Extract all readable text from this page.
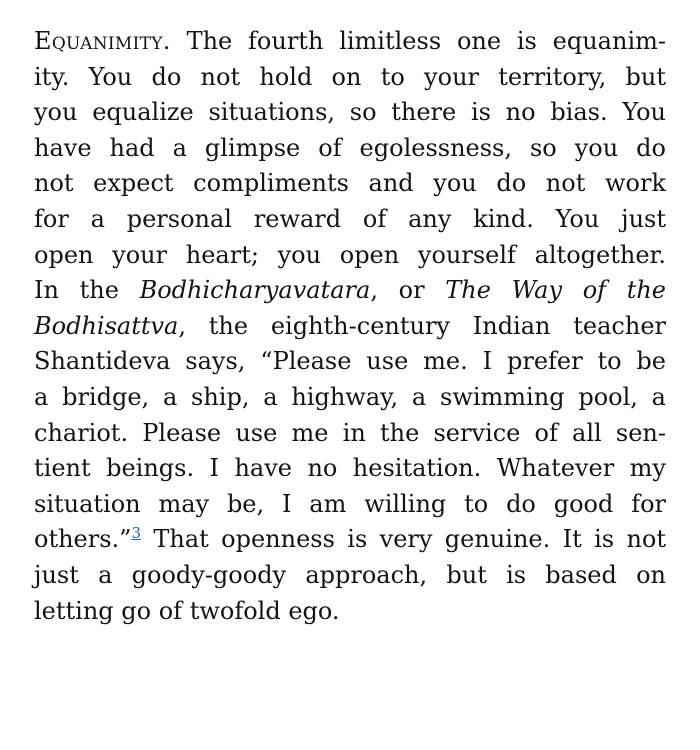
Equanimity. The fourth limitless one is equanim-
ity. You do not hold on to your territory, but
you equalize situations, so there is no bias. You
have had a glimpse of egolessness, so you do
not expect compliments and you do not work
for a personal reward of any kind. You just
open your heart; you open yourself altogether.
In the Bodhicharyavatara, or The Way of the
Bodhisattva, the eighth-century Indian teacher
Shantideva says, “Please use me. I prefer to be
a bridge, a ship, a highway, a swimming pool, a
chariot. Please use me in the service of all sen-
tient beings. I have no hesitation. Whatever my
situation may be, I am willing to do good for
others.”$^3$ That openness is very genuine. It is not
just a goody-goody approach, but is based on
letting go of twofold ego.
